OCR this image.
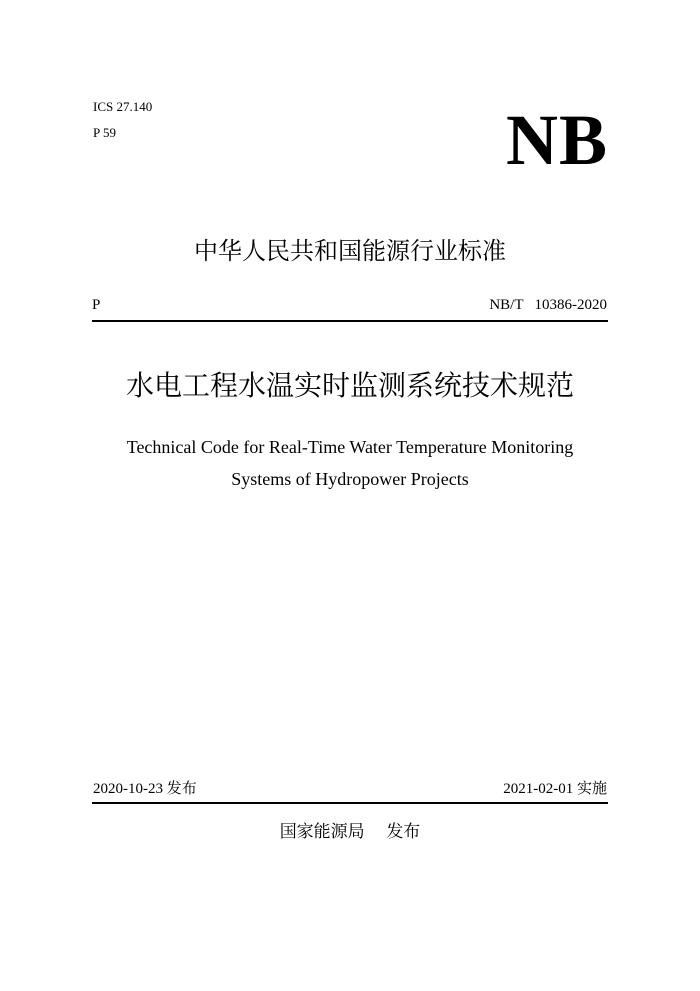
ICS 27.140
P 59	NB
中华人民共和国能源行业标准
P	NB/T   10386-2020
水电工程水温实时监测系统技术规范
Technical Code for Real-Time Water Temperature Monitoring
Systems of Hydropower Projects
2020-10-23 发布	2021-02-01 实施
国家能源局 发布
